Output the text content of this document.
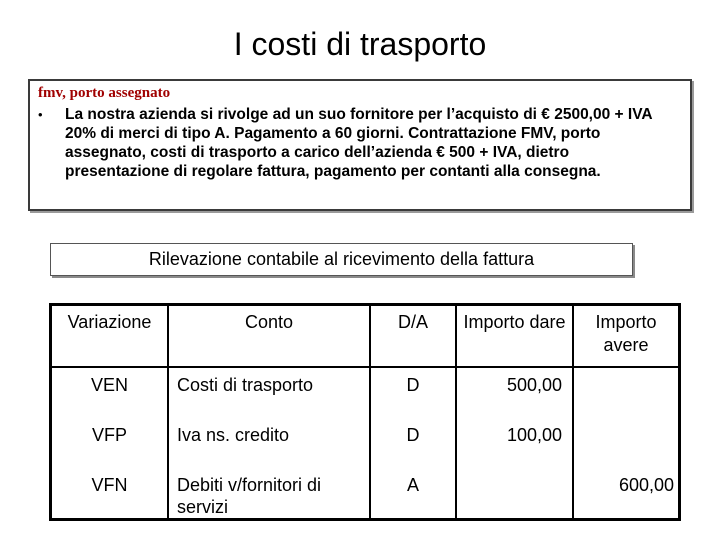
I costi di trasporto

fmv, porto assegnato

•	La nostra azienda si rivolge ad un suo fornitore per l’acquisto di € 2500,00 + IVA 20% di merci di tipo A. Pagamento a 60 giorni. Contrattazione FMV, porto assegnato, costi di trasporto a carico dell’azienda € 500 + IVA, dietro presentazione di regolare fattura, pagamento per contanti alla consegna.
Rilevazione contabile al ricevimento della fattura
Variazione	Conto	D/A	Importo dare	Importo avere
VEN	Costi di trasporto	D	500,00	
VFP	Iva ns. credito	D	100,00	
VFN	Debiti v/fornitori di servizi	A		600,00
